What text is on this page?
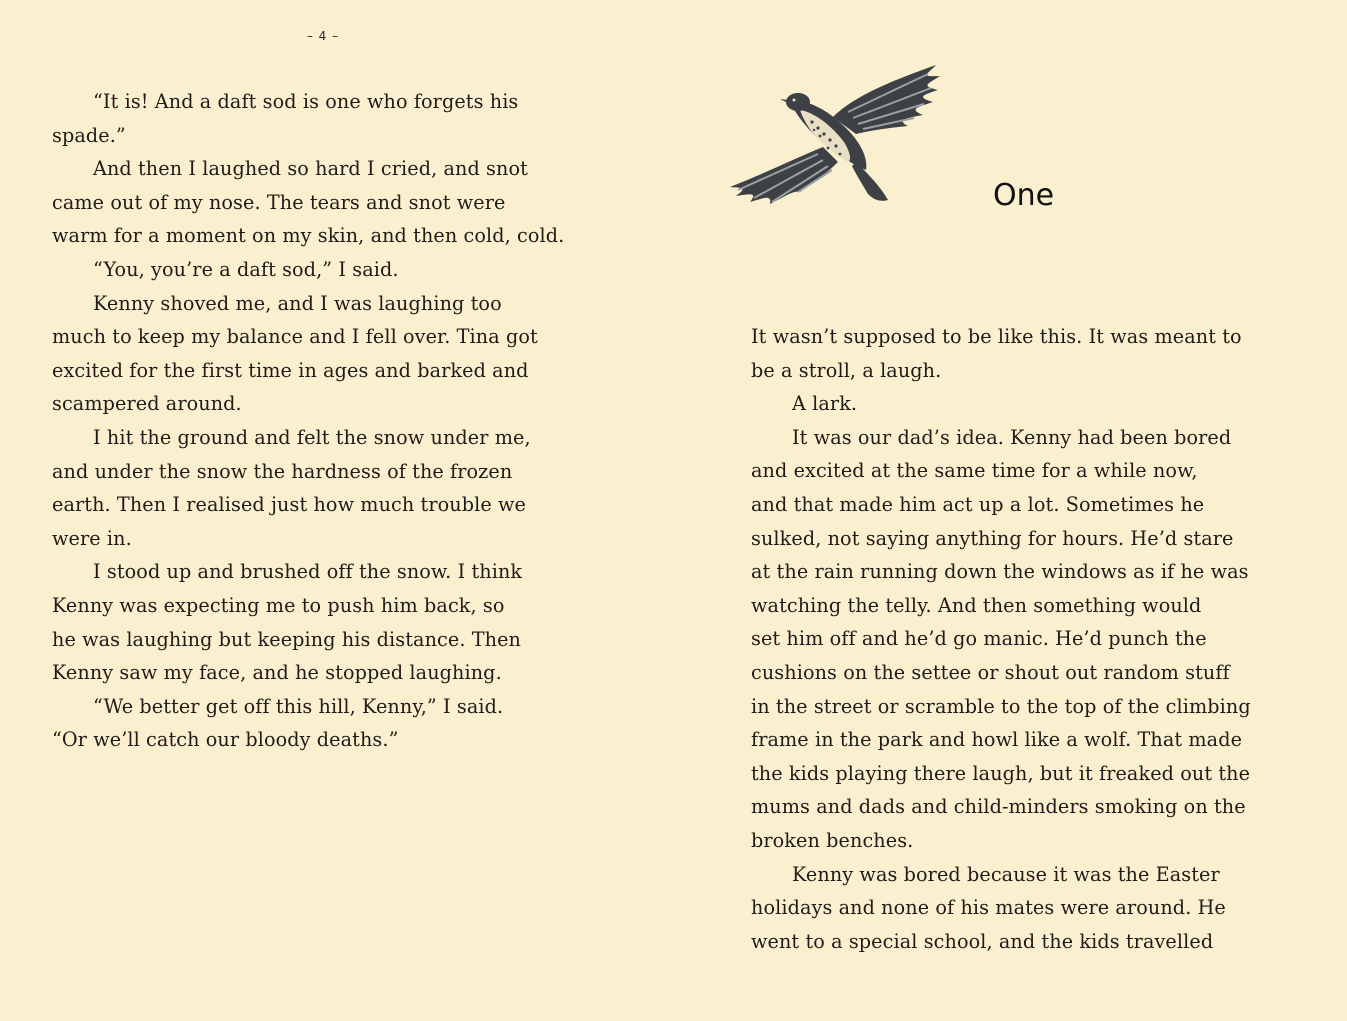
– 4 –
“It is! And a daft sod is one who forgets his
spade.”
And then I laughed so hard I cried, and snot
came out of my nose. The tears and snot were
warm for a moment on my skin, and then cold, cold.
“You, you’re a daft sod,” I said.
Kenny shoved me, and I was laughing too
much to keep my balance and I fell over. Tina got
excited for the first time in ages and barked and
scampered around.
I hit the ground and felt the snow under me,
and under the snow the hardness of the frozen
earth. Then I realised just how much trouble we
were in.
I stood up and brushed off the snow. I think
Kenny was expecting me to push him back, so
he was laughing but keeping his distance. Then
Kenny saw my face, and he stopped laughing.
“We better get off this hill, Kenny,” I said.
“Or we’ll catch our bloody deaths.”
One
It wasn’t supposed to be like this. It was meant to
be a stroll, a laugh.
A lark.
It was our dad’s idea. Kenny had been bored
and excited at the same time for a while now,
and that made him act up a lot. Sometimes he
sulked, not saying anything for hours. He’d stare
at the rain running down the windows as if he was
watching the telly. And then something would
set him off and he’d go manic. He’d punch the
cushions on the settee or shout out random stuff
in the street or scramble to the top of the climbing
frame in the park and howl like a wolf. That made
the kids playing there laugh, but it freaked out the
mums and dads and child-minders smoking on the
broken benches.
Kenny was bored because it was the Easter
holidays and none of his mates were around. He
went to a special school, and the kids travelled
